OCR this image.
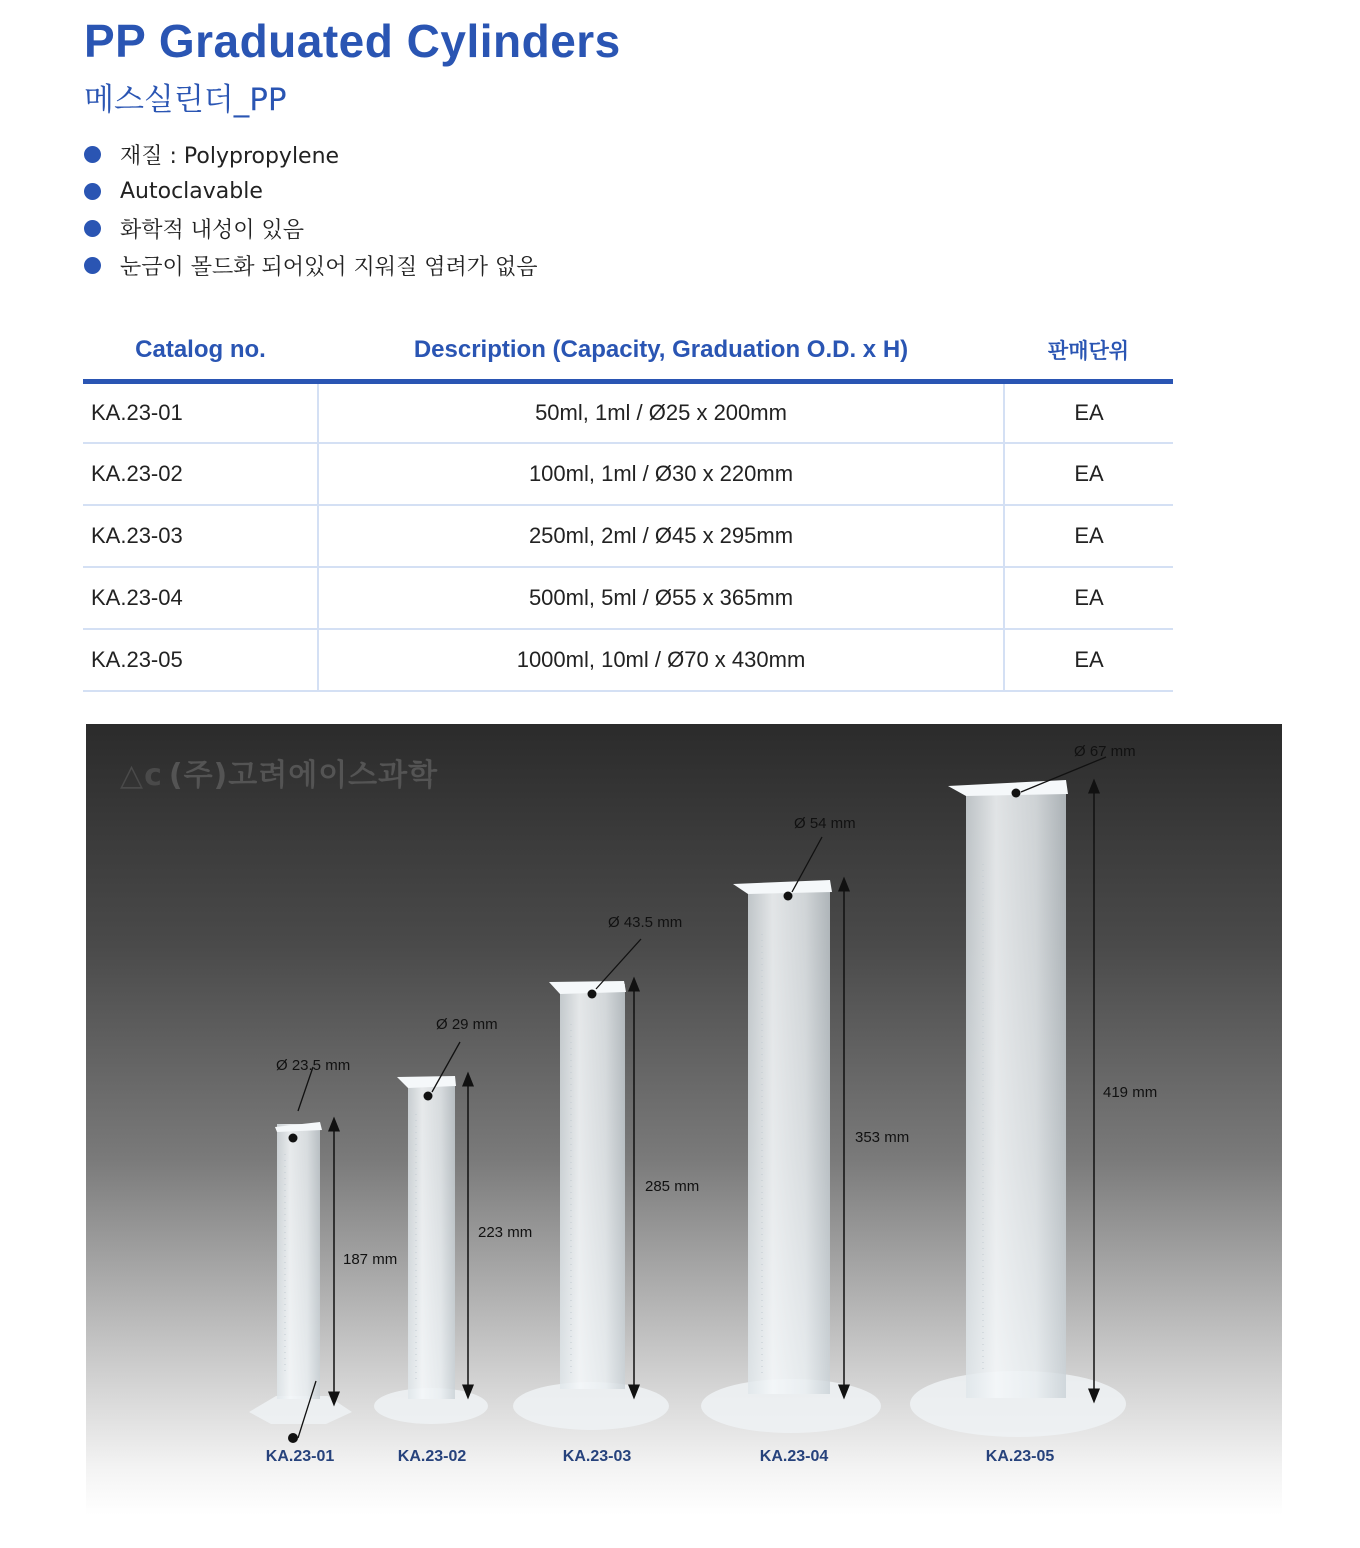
PP Graduated Cylinders
메스실린더_PP
재질 : Polypropylene
Autoclavable
화학적 내성이 있음
눈금이 몰드화 되어있어 지워질 염려가 없음
Catalog no.	Description (Capacity, Graduation O.D. x H)	판매단위
KA.23-01	50ml, 1ml / Ø25 x 200mm	EA
KA.23-02	100ml, 1ml / Ø30 x 220mm	EA
KA.23-03	250ml, 2ml / Ø45 x 295mm	EA
KA.23-04	500ml, 5ml / Ø55 x 365mm	EA
KA.23-05	1000ml, 10ml / Ø70 x 430mm	EA
△c (주)고려에이스과학
Ø 23.5 mm
Ø 29 mm
Ø 43.5 mm
Ø 54 mm
Ø 67 mm
187 mm
223 mm
285 mm
353 mm
419 mm
KA.23-01	KA.23-02	KA.23-03	KA.23-04	KA.23-05
